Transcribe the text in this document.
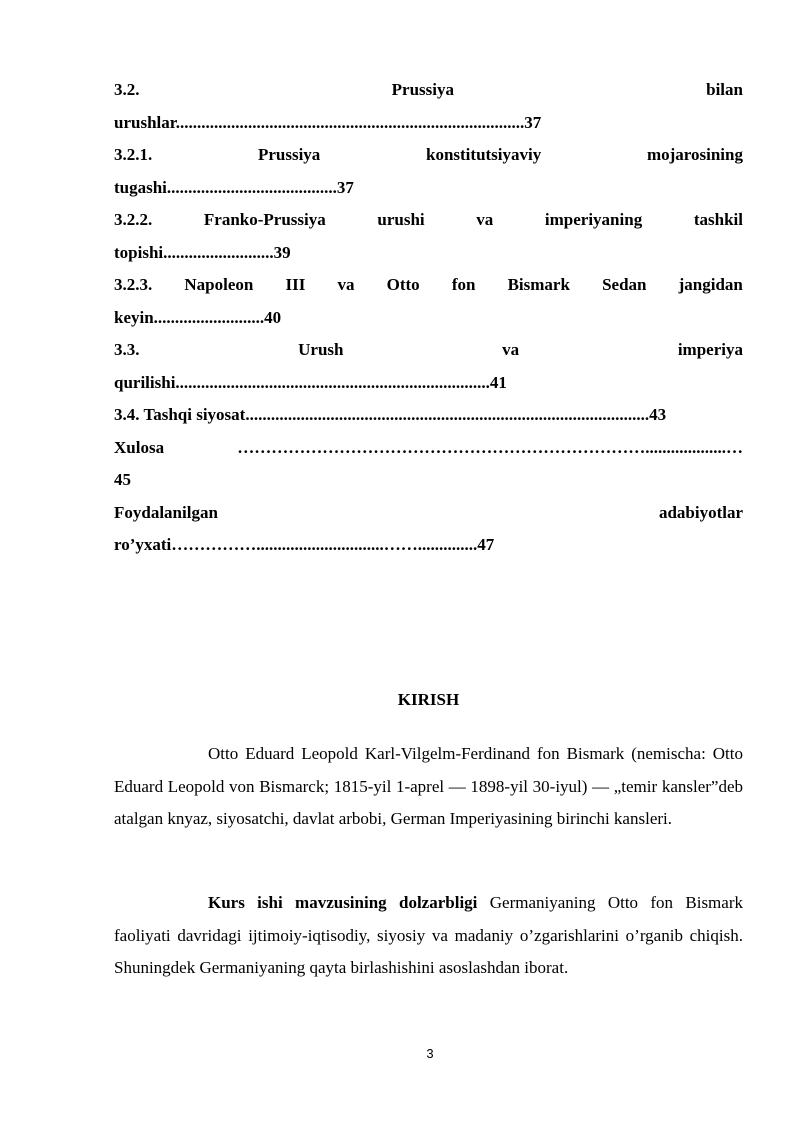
3.2.	Prussiya	bilan
urushlar..................................................................................37
3.2.1.	Prussiya	konstitutsiyaviy	mojarosining
tugashi........................................37
3.2.2.	Franko-Prussiya	urushi	va	imperiyaning	tashkil
topishi..........................39
3.2.3. Napoleon III va Otto fon Bismark Sedan jangidan
keyin..........................40
3.3.	Urush	va	imperiya
qurilishi..........................................................................41
3.4. Tashqi siyosat...............................................................................................43
Xulosa	………………………………………………………………...................…
45
Foydalanilgan	adabiyotlar
ro’yxati……………..............................……..............47
KIRISH

Otto Eduard Leopold Karl-Vilgelm-Ferdinand fon Bismark (nemischa: Otto Eduard Leopold von Bismarck; 1815-yil 1-aprel — 1898-yil 30-iyul) — „temir kansler”deb atalgan knyaz, siyosatchi, davlat arbobi, German Imperiyasining birinchi kansleri.

Kurs ishi mavzusining dolzarbligi Germaniyaning Otto fon Bismark faoliyati davridagi ijtimoiy-iqtisodiy, siyosiy va madaniy o’zgarishlarini o’rganib chiqish. Shuningdek Germaniyaning qayta birlashishini asoslashdan iborat.

3
